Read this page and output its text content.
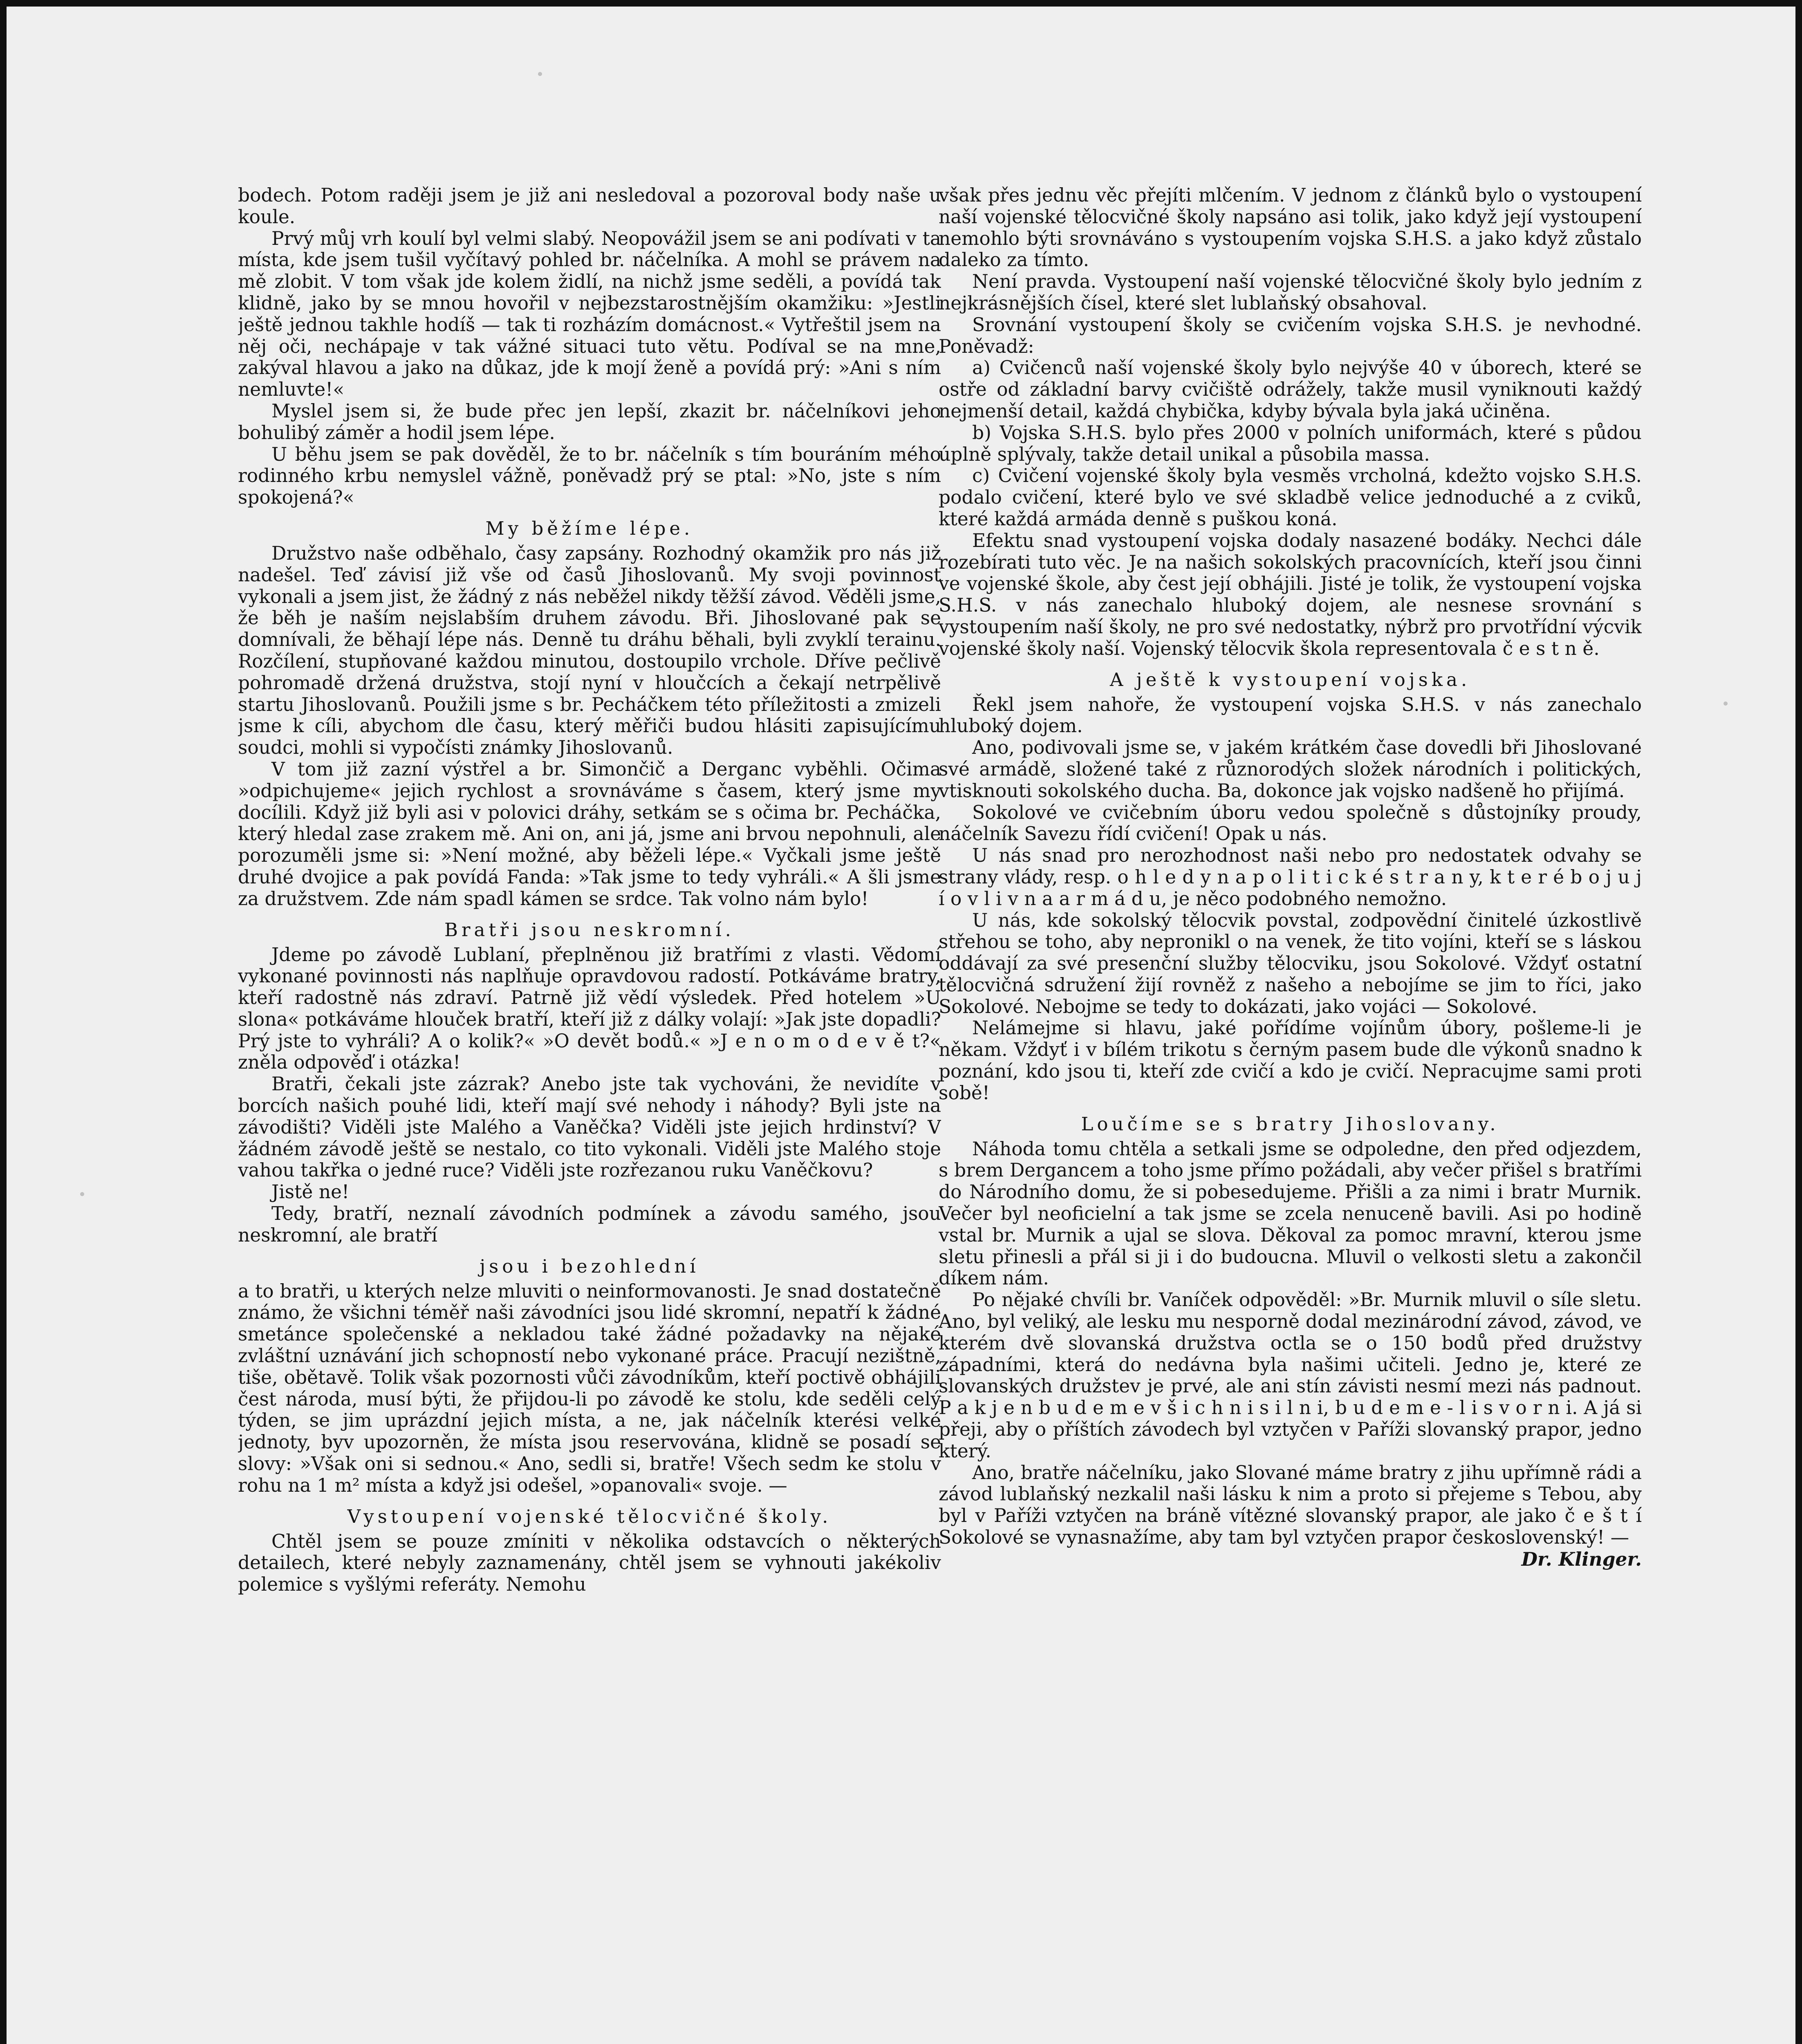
bodech. Potom raději jsem je již ani nesledoval a pozoroval body naše u koule.

Prvý můj vrh koulí byl velmi slabý. Neopovážil jsem se ani podívati v ta místa, kde jsem tušil vyčítavý pohled br. náčelníka. A mohl se právem na mě zlobit. V tom však jde kolem židlí, na nichž jsme seděli, a povídá tak klidně, jako by se mnou hovořil v nejbezstarostnějším okamžiku: »Jestli ještě jednou takhle hodíš — tak ti rozházím domácnost.« Vytřeštil jsem na něj oči, nechápaje v tak vážné situaci tuto větu. Podíval se na mne, zakýval hlavou a jako na důkaz, jde k mojí ženě a povídá prý: »Ani s ním nemluvte!«

Myslel jsem si, že bude přec jen lepší, zkazit br. náčelníkovi jeho bohulibý záměr a hodil jsem lépe.

U běhu jsem se pak dověděl, že to br. náčelník s tím bouráním mého rodinného krbu nemyslel vážně, poněvadž prý se ptal: »No, jste s ním spokojená?«

My běžíme lépe.

Družstvo naše odběhalo, časy zapsány. Rozhodný okamžik pro nás již nadešel. Teď závisí již vše od časů Jihoslovanů. My svoji povinnost vykonali a jsem jist, že žádný z nás neběžel nikdy těžší závod. Věděli jsme, že běh je naším nejslabším druhem závodu. Bři. Jihoslované pak se domnívali, že běhají lépe nás. Denně tu dráhu běhali, byli zvyklí terainu. Rozčílení, stupňované každou minutou, dostoupilo vrchole. Dříve pečlivě pohromadě držená družstva, stojí nyní v hloučcích a čekají netrpělivě startu Jihoslovanů. Použili jsme s br. Pecháčkem této příležitosti a zmizeli jsme k cíli, abychom dle času, který měřiči budou hlásiti zapisujícímu soudci, mohli si vypočísti známky Jihoslovanů.

V tom již zazní výstřel a br. Simončič a Derganc vyběhli. Očima »odpichujeme« jejich rychlost a srovnáváme s časem, který jsme my docílili. Když již byli asi v polovici dráhy, setkám se s očima br. Pecháčka, který hledal zase zrakem mě. Ani on, ani já, jsme ani brvou nepohnuli, ale porozuměli jsme si: »Není možné, aby běželi lépe.« Vyčkali jsme ještě druhé dvojice a pak povídá Fanda: »Tak jsme to tedy vyhráli.« A šli jsme za družstvem. Zde nám spadl kámen se srdce. Tak volno nám bylo!

Bratři jsou neskromní.

Jdeme po závodě Lublaní, přeplněnou již bratřími z vlasti. Vědomí vykonané povinnosti nás naplňuje opravdovou radostí. Potkáváme bratry, kteří radostně nás zdraví. Patrně již vědí výsledek. Před hotelem »U slona« potkáváme hlouček bratří, kteří již z dálky volají: »Jak jste dopadli? Prý jste to vyhráli? A o kolik?« »O devět bodů.« »J e n o m o d e v ě t?« zněla odpověď i otázka!

Bratři, čekali jste zázrak? Anebo jste tak vychováni, že nevidíte v borcích našich pouhé lidi, kteří mají své nehody i náhody? Byli jste na závodišti? Viděli jste Malého a Vaněčka? Viděli jste jejich hrdinství? V žádném závodě ještě se nestalo, co tito vykonali. Viděli jste Malého stoje vahou takřka o jedné ruce? Viděli jste rozřezanou ruku Vaněčkovu?

Jistě ne!

Tedy, bratří, neznalí závodních podmínek a závodu samého, jsou neskromní, ale bratří

jsou i bezohlední

a to bratři, u kterých nelze mluviti o neinformovanosti. Je snad dostatečně známo, že všichni téměř naši závodníci jsou lidé skromní, nepatří k žádné smetánce společenské a nekladou také žádné požadavky na nějaké zvláštní uznávání jich schopností nebo vykonané práce. Pracují nezištně, tiše, obětavě. Tolik však pozornosti vůči závodníkům, kteří poctivě obhájili čest národa, musí býti, že přijdou-li po závodě ke stolu, kde seděli celý týden, se jim uprázdní jejich místa, a ne, jak náčelník kterési velké jednoty, byv upozorněn, že místa jsou reservována, klidně se posadí se slovy: »Však oni si sednou.« Ano, sedli si, bratře! Všech sedm ke stolu v rohu na 1 m² místa a když jsi odešel, »opanovali« svoje. —

Vystoupení vojenské tělocvičné školy.

Chtěl jsem se pouze zmíniti v několika odstavcích o některých detailech, které nebyly zaznamenány, chtěl jsem se vyhnouti jakékoliv polemice s vyšlými referáty. Nemohu

však přes jednu věc přejíti mlčením. V jednom z článků bylo o vystoupení naší vojenské tělocvičné školy napsáno asi tolik, jako když její vystoupení nemohlo býti srovnáváno s vystoupením vojska S.H.S. a jako když zůstalo daleko za tímto.

Není pravda. Vystoupení naší vojenské tělocvičné školy bylo jedním z nejkrásnějších čísel, které slet lublaňský obsahoval.

Srovnání vystoupení školy se cvičením vojska S.H.S. je nevhodné. Poněvadž:

a) Cvičenců naší vojenské školy bylo nejvýše 40 v úborech, které se ostře od základní barvy cvičiště odrážely, takže musil vyniknouti každý nejmenší detail, každá chybička, kdyby bývala byla jaká učiněna.

b) Vojska S.H.S. bylo přes 2000 v polních uniformách, které s půdou úplně splývaly, takže detail unikal a působila massa.

c) Cvičení vojenské školy byla vesměs vrcholná, kdežto vojsko S.H.S. podalo cvičení, které bylo ve své skladbě velice jednoduché a z cviků, které každá armáda denně s puškou koná.

Efektu snad vystoupení vojska dodaly nasazené bodáky. Nechci dále rozebírati tuto věc. Je na našich sokolských pracovnících, kteří jsou činni ve vojenské škole, aby čest její obhájili. Jisté je tolik, že vystoupení vojska S.H.S. v nás zanechalo hluboký dojem, ale nesnese srovnání s vystoupením naší školy, ne pro své nedostatky, nýbrž pro prvotřídní výcvik vojenské školy naší. Vojenský tělocvik škola representovala č e s t n ě.

A ještě k vystoupení vojska.

Řekl jsem nahoře, že vystoupení vojska S.H.S. v nás zanechalo hluboký dojem.

Ano, podivovali jsme se, v jakém krátkém čase dovedli bři Jihoslované své armádě, složené také z různorodých složek národních i politických, vtisknouti sokolského ducha. Ba, dokonce jak vojsko nadšeně ho přijímá.

Sokolové ve cvičebním úboru vedou společně s důstojníky proudy, náčelník Savezu řídí cvičení! Opak u nás.

U nás snad pro nerozhodnost naši nebo pro nedostatek odvahy se strany vlády, resp. o h l e d y n a p o l i t i c k é s t r a n y, k t e r é b o j u j í o v l i v n a a r m á d u, je něco podobného nemožno.

U nás, kde sokolský tělocvik povstal, zodpovědní činitelé úzkostlivě střehou se toho, aby nepronikl o na venek, že tito vojíni, kteří se s láskou oddávají za své presenční služby tělocviku, jsou Sokolové. Vždyť ostatní tělocvičná sdružení žijí rovněž z našeho a nebojíme se jim to říci, jako Sokolové. Nebojme se tedy to dokázati, jako vojáci — Sokolové.

Nelámejme si hlavu, jaké pořídíme vojínům úbory, pošleme-li je někam. Vždyť i v bílém trikotu s černým pasem bude dle výkonů snadno k poznání, kdo jsou ti, kteří zde cvičí a kdo je cvičí. Nepracujme sami proti sobě!

Loučíme se s bratry Jihoslovany.

Náhoda tomu chtěla a setkali jsme se odpoledne, den před odjezdem, s brem Dergancem a toho jsme přímo požádali, aby večer přišel s bratřími do Národního domu, že si pobesedujeme. Přišli a za nimi i bratr Murnik. Večer byl neoficielní a tak jsme se zcela nenuceně bavili. Asi po hodině vstal br. Murnik a ujal se slova. Děkoval za pomoc mravní, kterou jsme sletu přinesli a přál si ji i do budoucna. Mluvil o velkosti sletu a zakončil díkem nám.

Po nějaké chvíli br. Vaníček odpověděl: »Br. Murnik mluvil o síle sletu. Ano, byl veliký, ale lesku mu nesporně dodal mezinárodní závod, závod, ve kterém dvě slovanská družstva octla se o 150 bodů před družstvy západními, která do nedávna byla našimi učiteli. Jedno je, které ze slovanských družstev je prvé, ale ani stín závisti nesmí mezi nás padnout. P a k j e n b u d e m e v š i c h n i s i l n i, b u d e m e - l i s v o r n i. A já si přeji, aby o příštích závodech byl vztyčen v Paříži slovanský prapor, jedno který.

Ano, bratře náčelníku, jako Slované máme bratry z jihu upřímně rádi a závod lublaňský nezkalil naši lásku k nim a proto si přejeme s Tebou, aby byl v Paříži vztyčen na bráně vítězné slovanský prapor, ale jako č e š t í Sokolové se vynasnažíme, aby tam byl vztyčen prapor československý! —
Dr. Klinger.
